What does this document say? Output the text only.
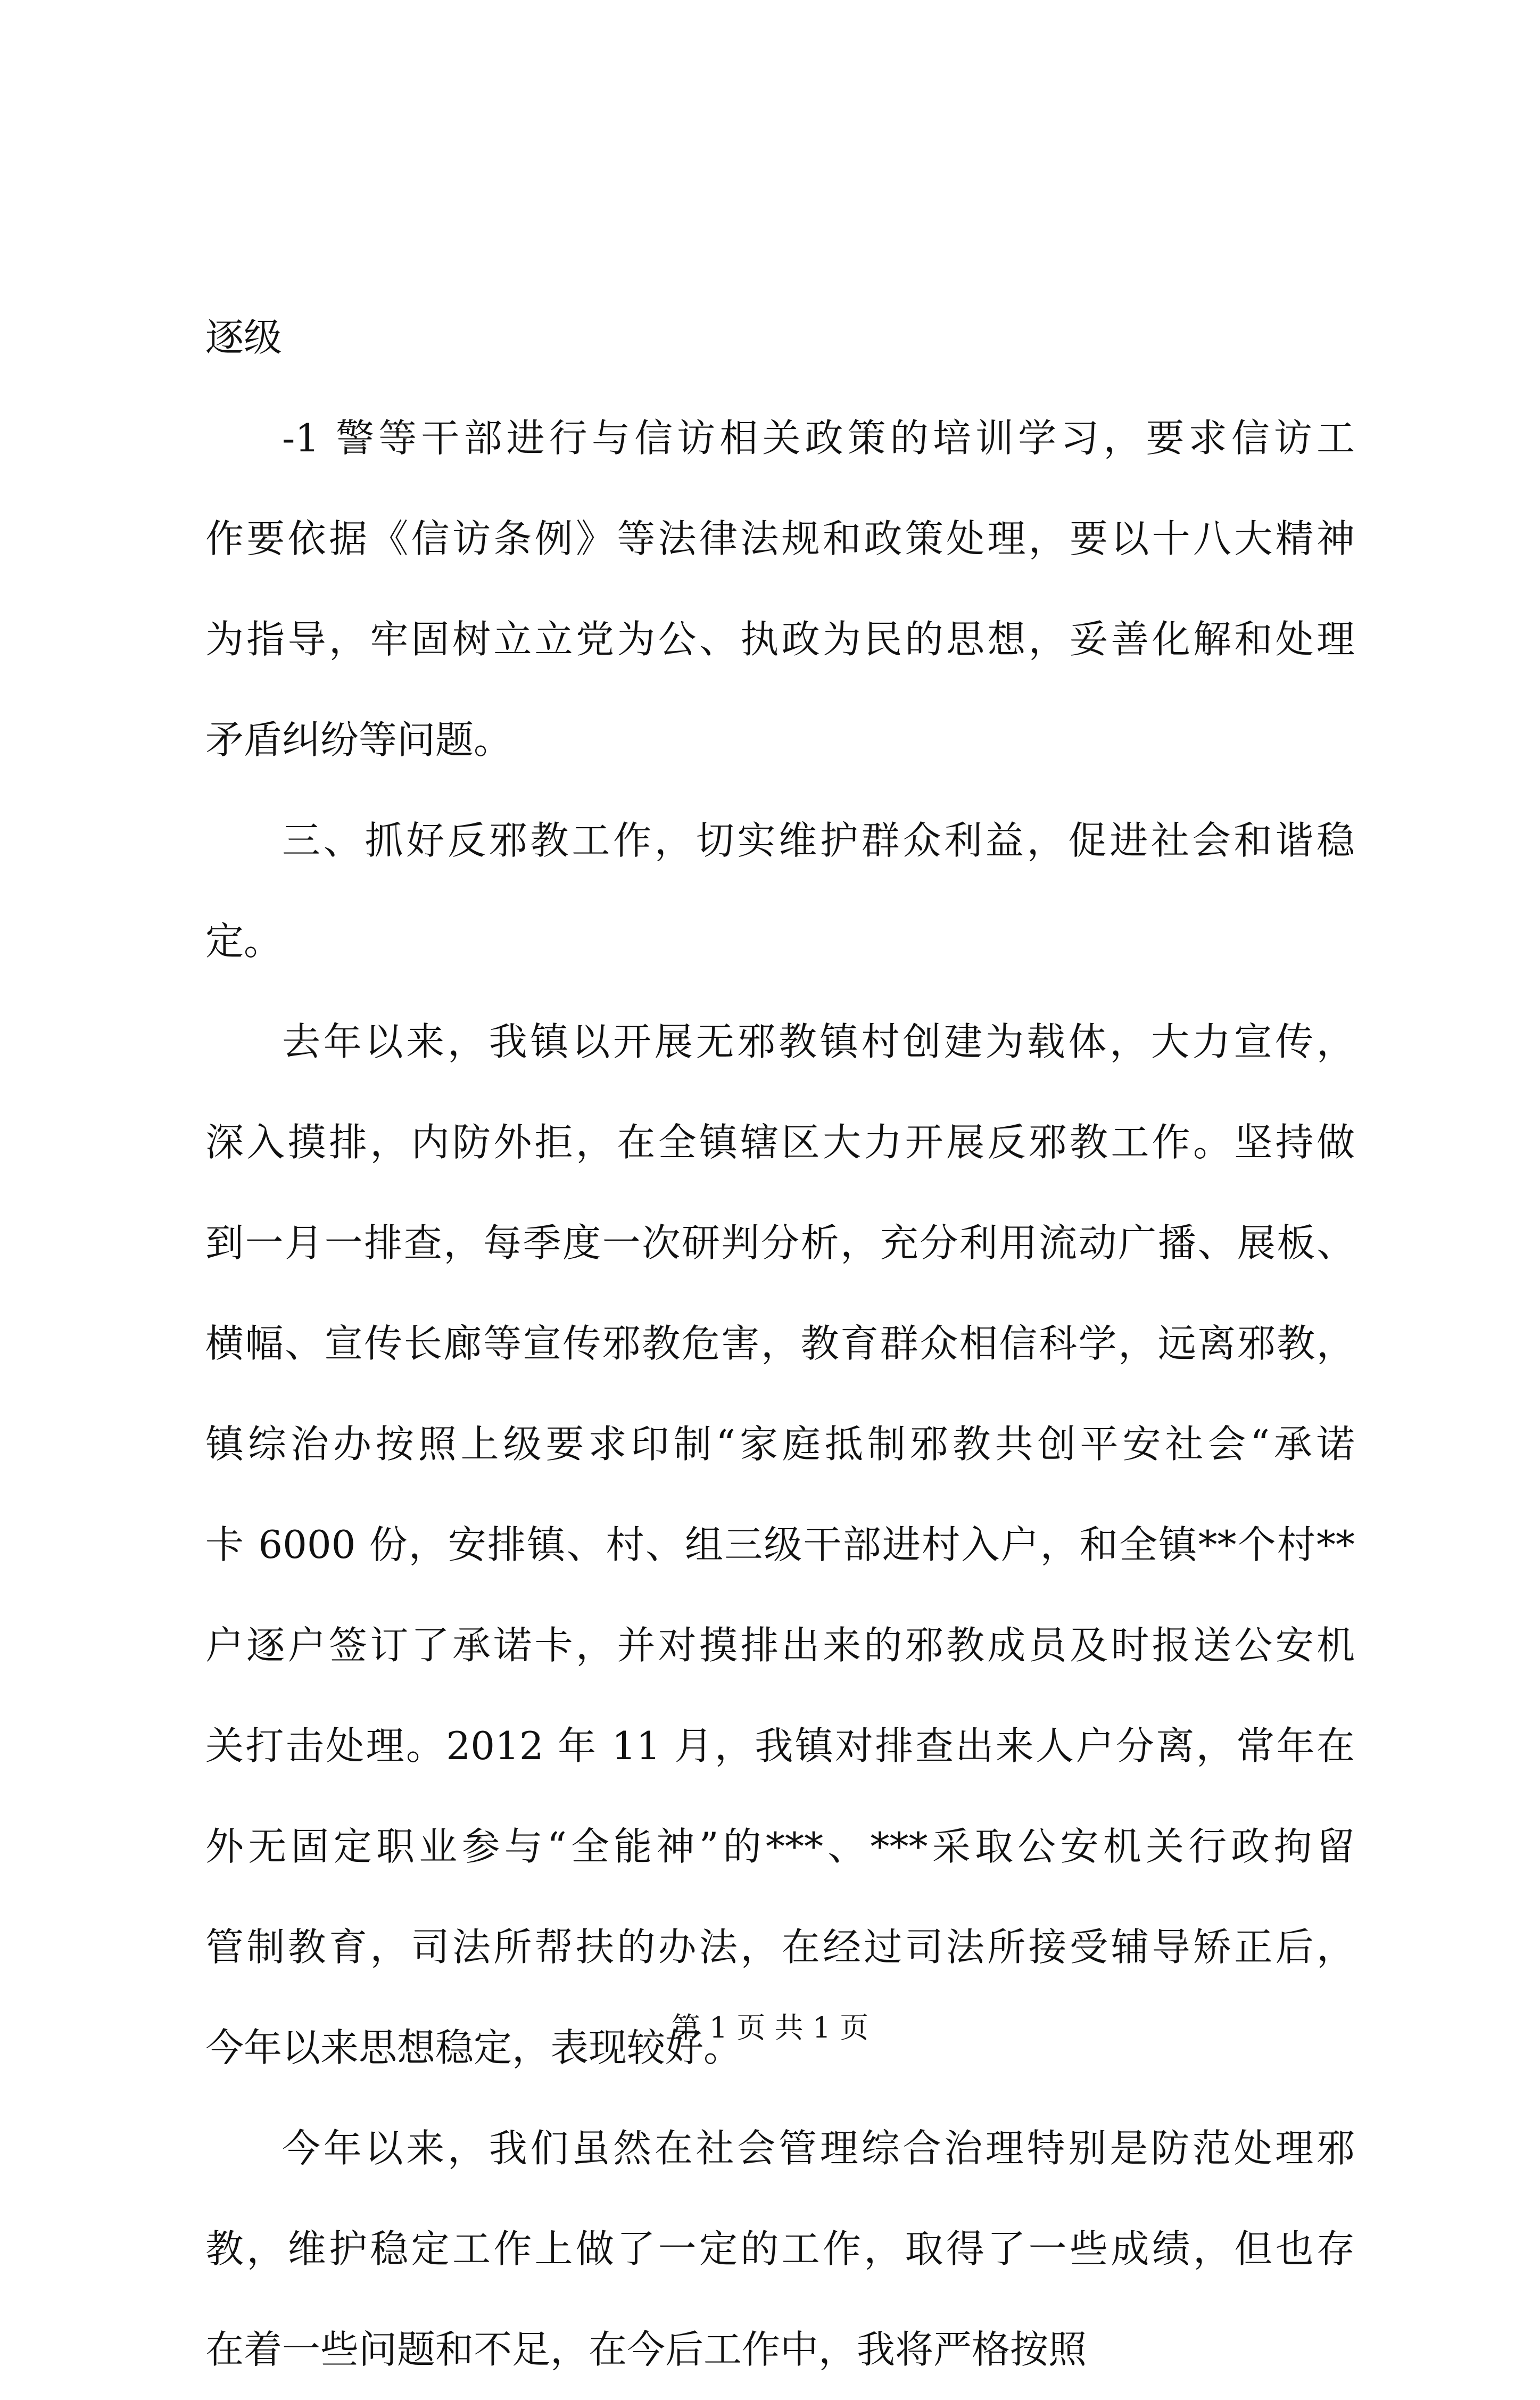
逐级
-1 警等干部进行与信访相关政策的培训学习，要求信访工
作要依据《信访条例》等法律法规和政策处理，要以十八大精神
为指导，牢固树立立党为公、执政为民的思想，妥善化解和处理
矛盾纠纷等问题。
三、抓好反邪教工作，切实维护群众利益，促进社会和谐稳
定。
去年以来，我镇以开展无邪教镇村创建为载体，大力宣传，
深入摸排，内防外拒，在全镇辖区大力开展反邪教工作。坚持做
到一月一排查，每季度一次研判分析，充分利用流动广播、展板、
横幅、宣传长廊等宣传邪教危害，教育群众相信科学，远离邪教，
镇综治办按照上级要求印制“家庭抵制邪教共创平安社会“承诺
卡 6000 份，安排镇、村、组三级干部进村入户，和全镇**个村**
户逐户签订了承诺卡，并对摸排出来的邪教成员及时报送公安机
关打击处理。2012 年 11 月，我镇对排查出来人户分离，常年在
外无固定职业参与“全能神”的***、***采取公安机关行政拘留
管制教育，司法所帮扶的办法，在经过司法所接受辅导矫正后，
今年以来思想稳定，表现较好。
今年以来，我们虽然在社会管理综合治理特别是防范处理邪
教，维护稳定工作上做了一定的工作，取得了一些成绩，但也存
在着一些问题和不足，在今后工作中，我将严格按照
第 1 页 共 1 页
